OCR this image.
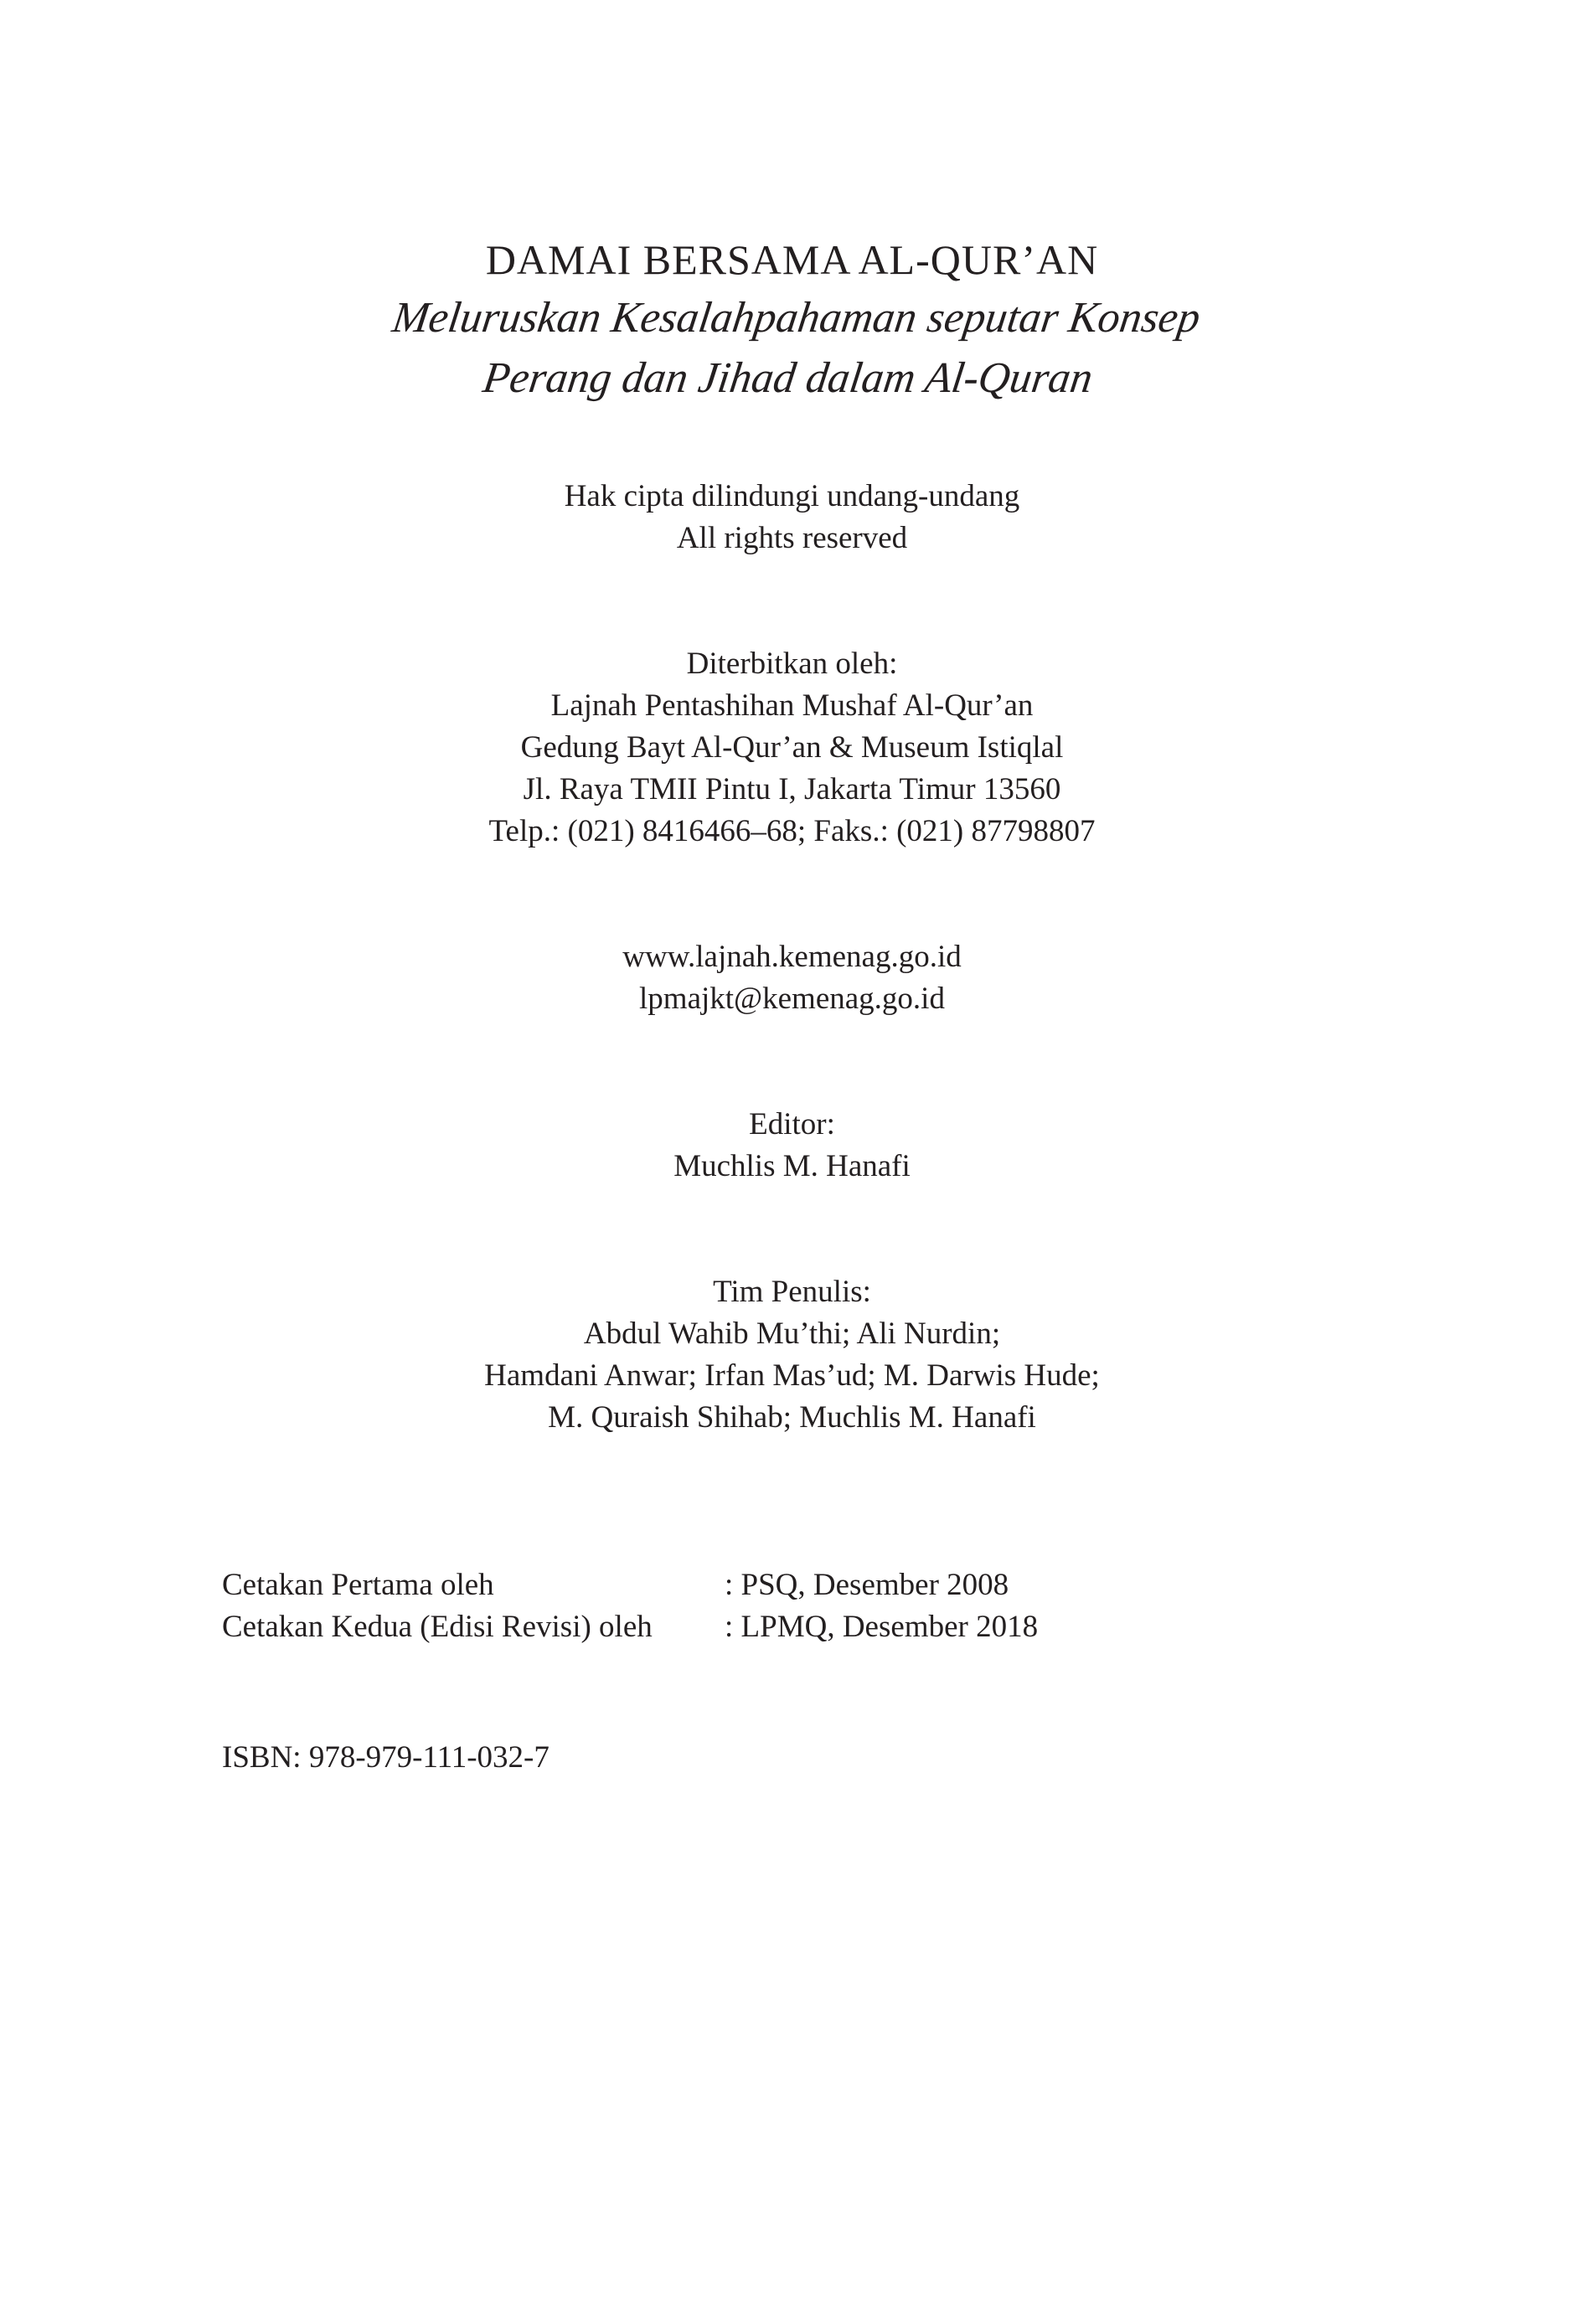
DAMAI BERSAMA AL-QUR’AN
Meluruskan Kesalahpahaman seputar Konsep
Perang dan Jihad dalam Al-Quran
Hak cipta dilindungi undang-undang
All rights reserved
Diterbitkan oleh:
Lajnah Pentashihan Mushaf Al-Qur’an
Gedung Bayt Al-Qur’an & Museum Istiqlal
Jl. Raya TMII Pintu I, Jakarta Timur 13560
Telp.: (021) 8416466–68; Faks.: (021) 87798807
www.lajnah.kemenag.go.id
lpmajkt@kemenag.go.id
Editor:
Muchlis M. Hanafi
Tim Penulis:
Abdul Wahib Mu’thi; Ali Nurdin;
Hamdani Anwar; Irfan Mas’ud; M. Darwis Hude;
M. Quraish Shihab; Muchlis M. Hanafi
Cetakan Pertama oleh	: PSQ, Desember 2008
Cetakan Kedua (Edisi Revisi) oleh	: LPMQ, Desember 2018
ISBN: 978-979-111-032-7
